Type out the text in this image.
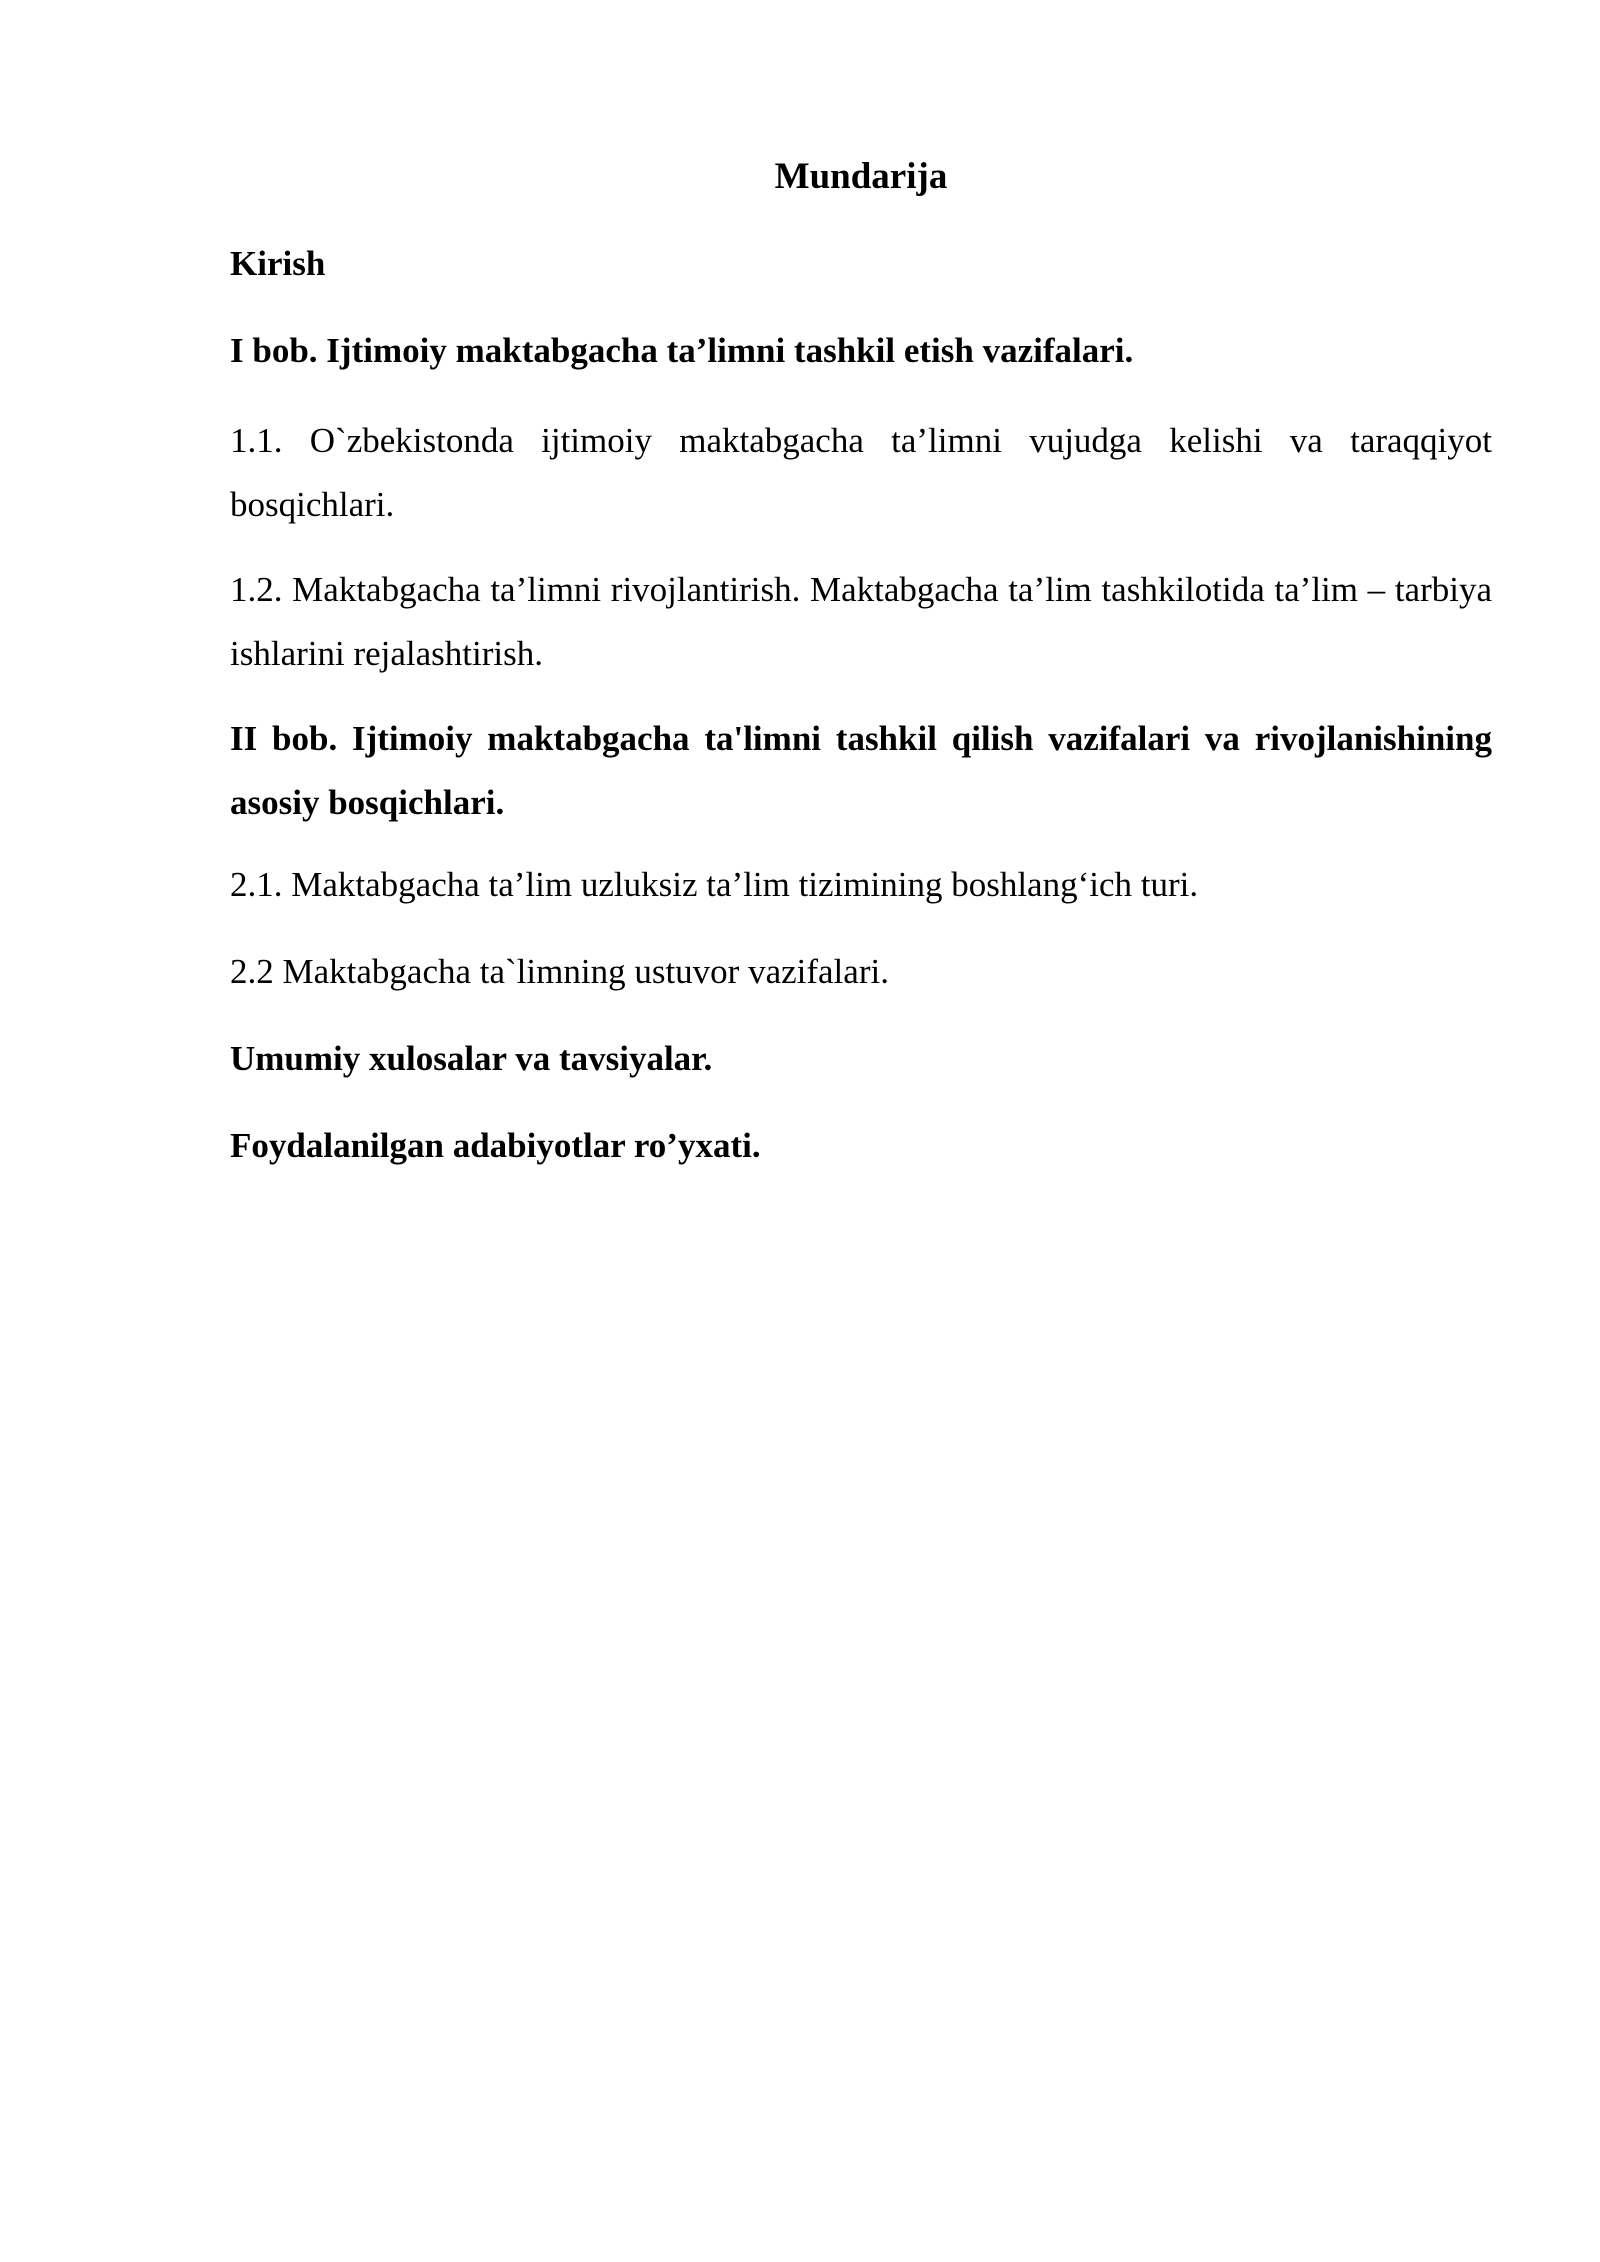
Mundarija
Kirish
I bob. Ijtimoiy maktabgacha ta’limni tashkil etish vazifalari.
1.1. O`zbekistonda ijtimoiy maktabgacha ta’limni vujudga kelishi va taraqqiyot bosqichlari.
1.2. Maktabgacha ta’limni rivojlantirish. Maktabgacha ta’lim tashkilotida ta’lim – tarbiya ishlarini rejalashtirish.
II bob. Ijtimoiy maktabgacha ta'limni tashkil qilish vazifalari va rivojlanishining asosiy bosqichlari.
2.1. Maktabgacha ta’lim uzluksiz ta’lim tizimining boshlang‘ich turi.
2.2 Maktabgacha ta`limning ustuvor vazifalari.
Umumiy xulosalar va tavsiyalar.
Foydalanilgan adabiyotlar ro’yxati.
